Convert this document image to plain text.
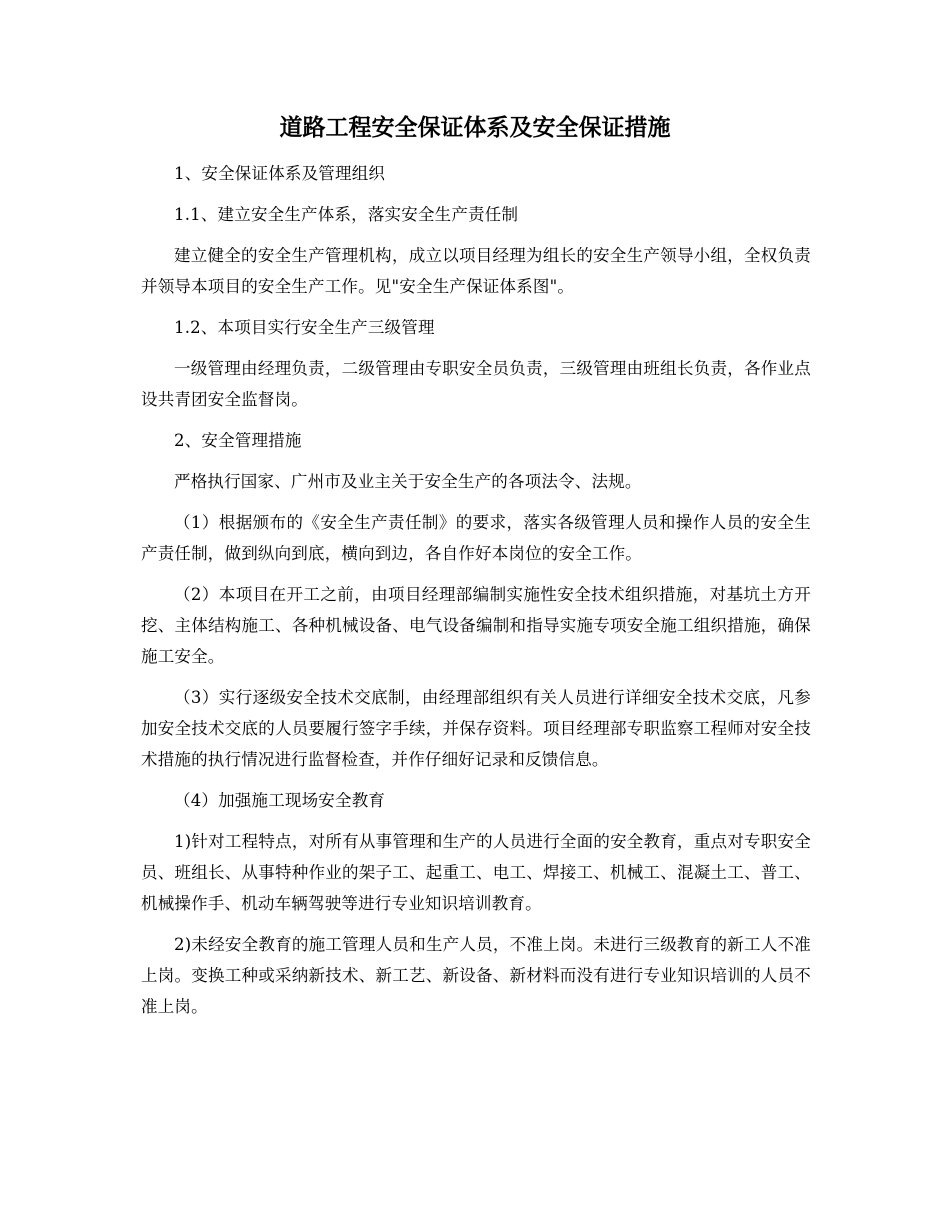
道路工程安全保证体系及安全保证措施

1、安全保证体系及管理组织

1.1、建立安全生产体系，落实安全生产责任制

建立健全的安全生产管理机构，成立以项目经理为组长的安全生产领导小组，全权负责并领导本项目的安全生产工作。见"安全生产保证体系图"。

1.2、本项目实行安全生产三级管理

一级管理由经理负责，二级管理由专职安全员负责，三级管理由班组长负责，各作业点设共青团安全监督岗。

2、安全管理措施

严格执行国家、广州市及业主关于安全生产的各项法令、法规。

（1）根据颁布的《安全生产责任制》的要求，落实各级管理人员和操作人员的安全生产责任制，做到纵向到底，横向到边，各自作好本岗位的安全工作。

（2）本项目在开工之前，由项目经理部编制实施性安全技术组织措施，对基坑土方开挖、主体结构施工、各种机械设备、电气设备编制和指导实施专项安全施工组织措施，确保施工安全。

（3）实行逐级安全技术交底制，由经理部组织有关人员进行详细安全技术交底，凡参加安全技术交底的人员要履行签字手续，并保存资料。项目经理部专职监察工程师对安全技术措施的执行情况进行监督检查，并作仔细好记录和反馈信息。

（4）加强施工现场安全教育

1)针对工程特点，对所有从事管理和生产的人员进行全面的安全教育，重点对专职安全员、班组长、从事特种作业的架子工、起重工、电工、焊接工、机械工、混凝土工、普工、机械操作手、机动车辆驾驶等进行专业知识培训教育。

2)未经安全教育的施工管理人员和生产人员，不准上岗。未进行三级教育的新工人不准上岗。变换工种或采纳新技术、新工艺、新设备、新材料而没有进行专业知识培训的人员不准上岗。
